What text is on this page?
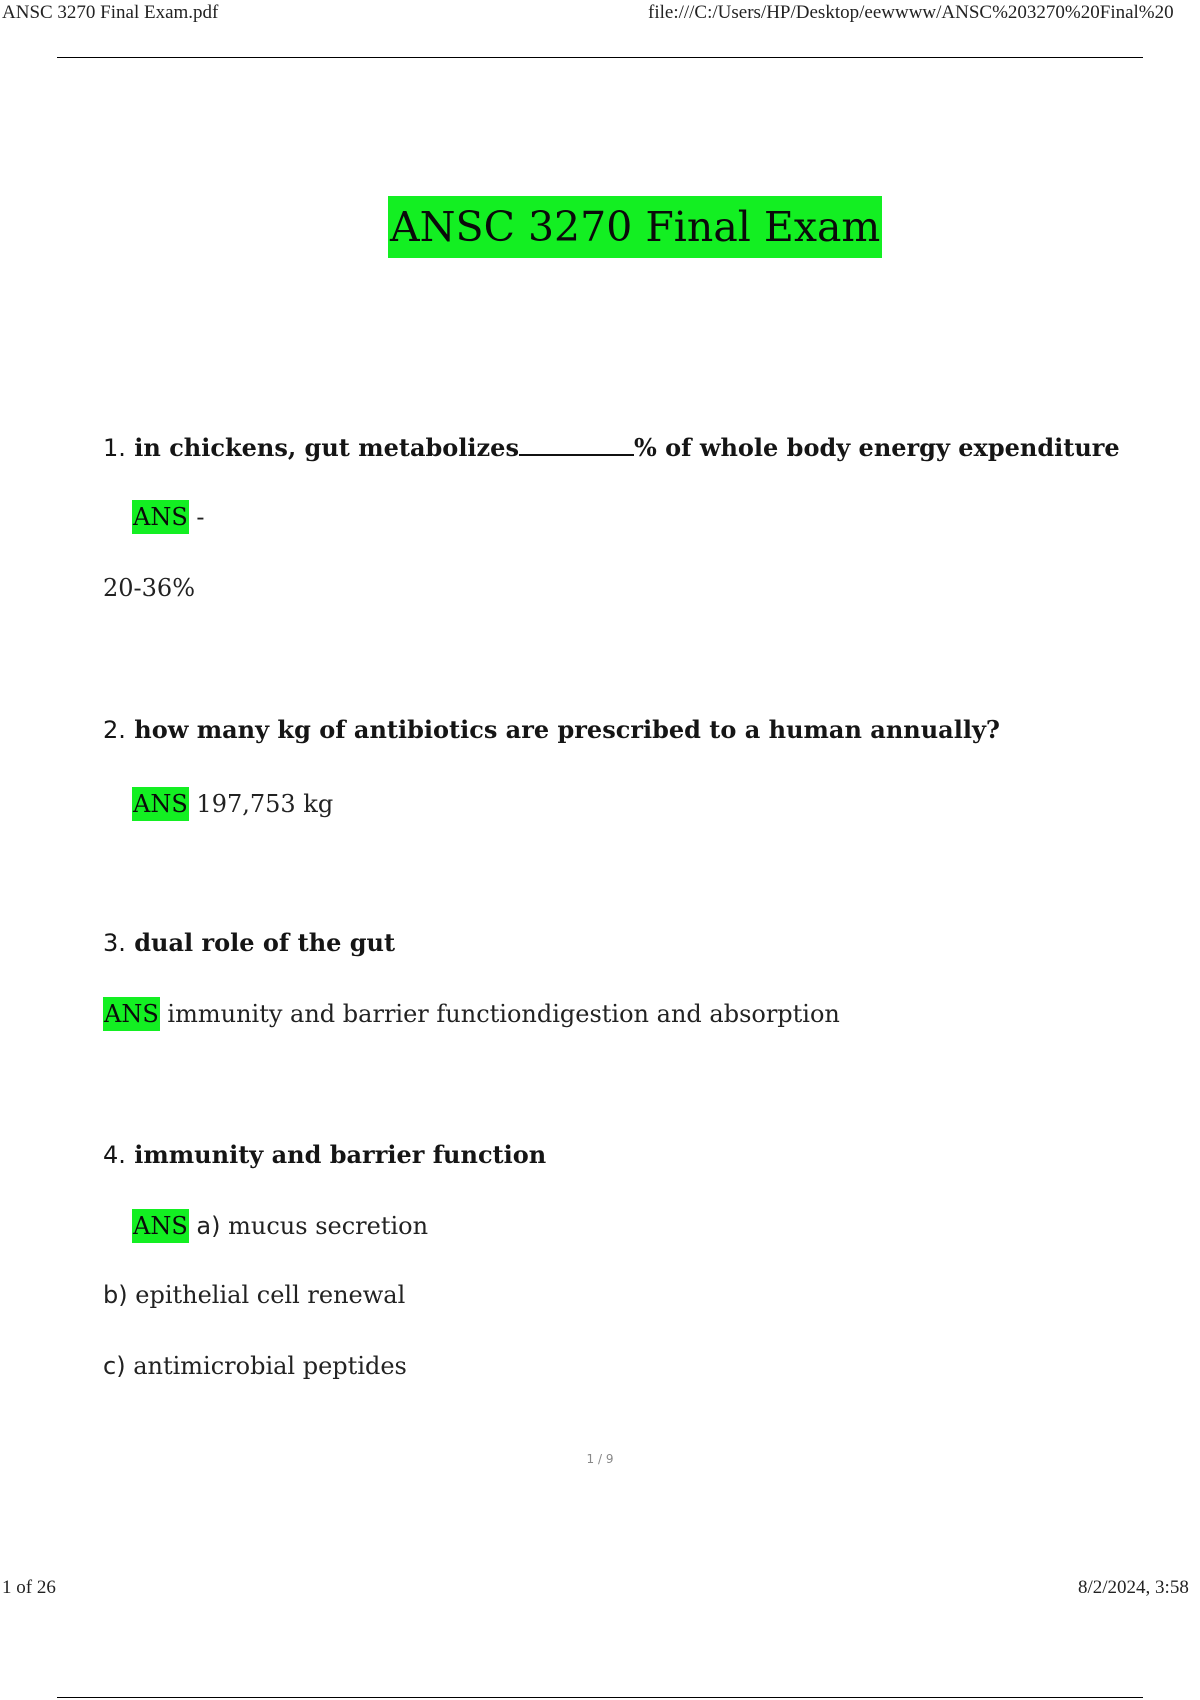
ANSC 3270 Final Exam.pdf	file:///C:/Users/HP/Desktop/eewwww/ANSC%203270%20Final%20
ANSC 3270 Final Exam
1. in chickens, gut metabolizes	% of whole body energy expenditure
ANS -
20-36%
2. how many kg of antibiotics are prescribed to a human annually?
ANS 197,753 kg
3. dual role of the gut
ANS immunity and barrier functiondigestion and absorption
4. immunity and barrier function
ANS a) mucus secretion
b) epithelial cell renewal
c) antimicrobial peptides
1 / 9
1 of 26	8/2/2024, 3:58
